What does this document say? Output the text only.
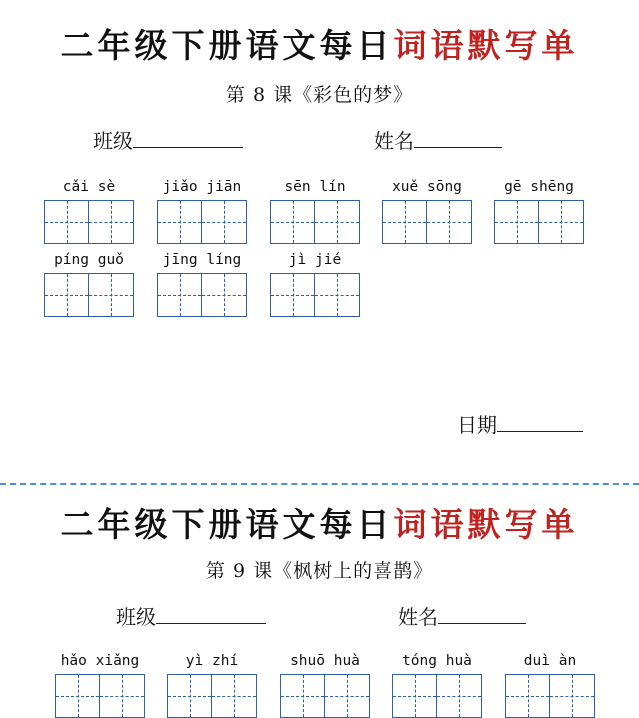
二年级下册语文每日词语默写单
第 8 课《彩色的梦》
班级	姓名
cǎi sè	jiǎo jiān	sēn lín	xuě sōng	gē shēng
píng guǒ	jīng líng	jì jié
日期
二年级下册语文每日词语默写单
第 9 课《枫树上的喜鹊》
班级	姓名
hǎo xiǎng	yì zhí	shuō huà	tóng huà	duì àn
